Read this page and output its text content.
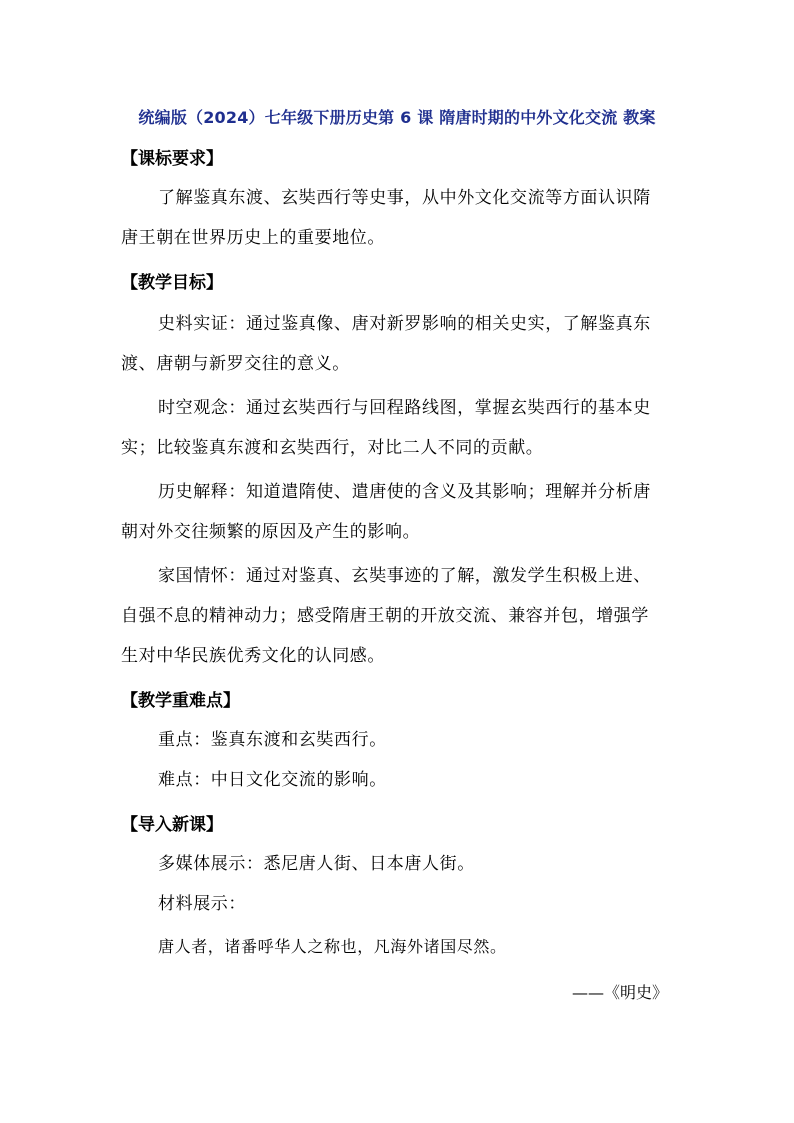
统编版（2024）七年级下册历史第 6 课 隋唐时期的中外文化交流 教案
【课标要求】
了解鉴真东渡、玄奘西行等史事，从中外文化交流等方面认识隋
唐王朝在世界历史上的重要地位。
【教学目标】
史料实证：通过鉴真像、唐对新罗影响的相关史实，了解鉴真东
渡、唐朝与新罗交往的意义。
时空观念：通过玄奘西行与回程路线图，掌握玄奘西行的基本史
实；比较鉴真东渡和玄奘西行，对比二人不同的贡献。
历史解释：知道遣隋使、遣唐使的含义及其影响；理解并分析唐
朝对外交往频繁的原因及产生的影响。
家国情怀：通过对鉴真、玄奘事迹的了解，激发学生积极上进、
自强不息的精神动力；感受隋唐王朝的开放交流、兼容并包，增强学
生对中华民族优秀文化的认同感。
【教学重难点】
重点：鉴真东渡和玄奘西行。
难点：中日文化交流的影响。
【导入新课】
多媒体展示：悉尼唐人街、日本唐人街。
材料展示：
唐人者，诸番呼华人之称也，凡海外诸国尽然。
——《明史》
